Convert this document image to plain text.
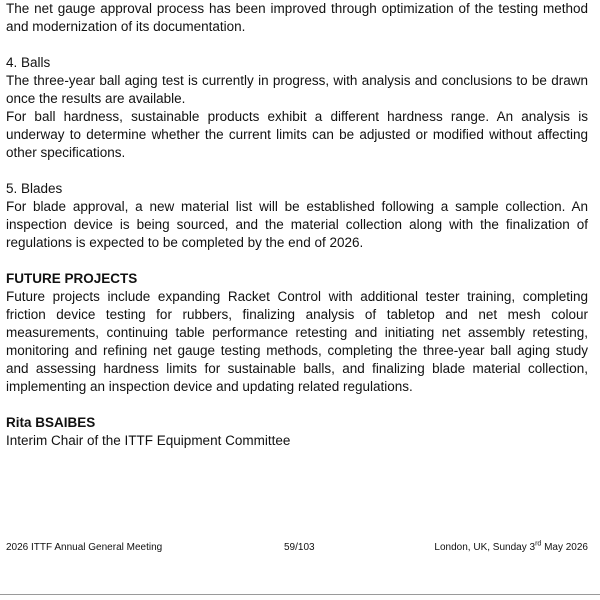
The net gauge approval process has been improved through optimization of the testing method and modernization of its documentation.

4. Balls

The three-year ball aging test is currently in progress, with analysis and conclusions to be drawn once the results are available.

For ball hardness, sustainable products exhibit a different hardness range. An analysis is underway to determine whether the current limits can be adjusted or modified without affecting other specifications.

5. Blades

For blade approval, a new material list will be established following a sample collection. An inspection device is being sourced, and the material collection along with the finalization of regulations is expected to be completed by the end of 2026.

FUTURE PROJECTS

Future projects include expanding Racket Control with additional tester training, completing friction device testing for rubbers, finalizing analysis of tabletop and net mesh colour measurements, continuing table performance retesting and initiating net assembly retesting, monitoring and refining net gauge testing methods, completing the three-year ball aging study and assessing hardness limits for sustainable balls, and finalizing blade material collection, implementing an inspection device and updating related regulations.

Rita BSAIBES

Interim Chair of the ITTF Equipment Committee

2026 ITTF Annual General Meeting	59/103	London, UK, Sunday 3rd May 2026
